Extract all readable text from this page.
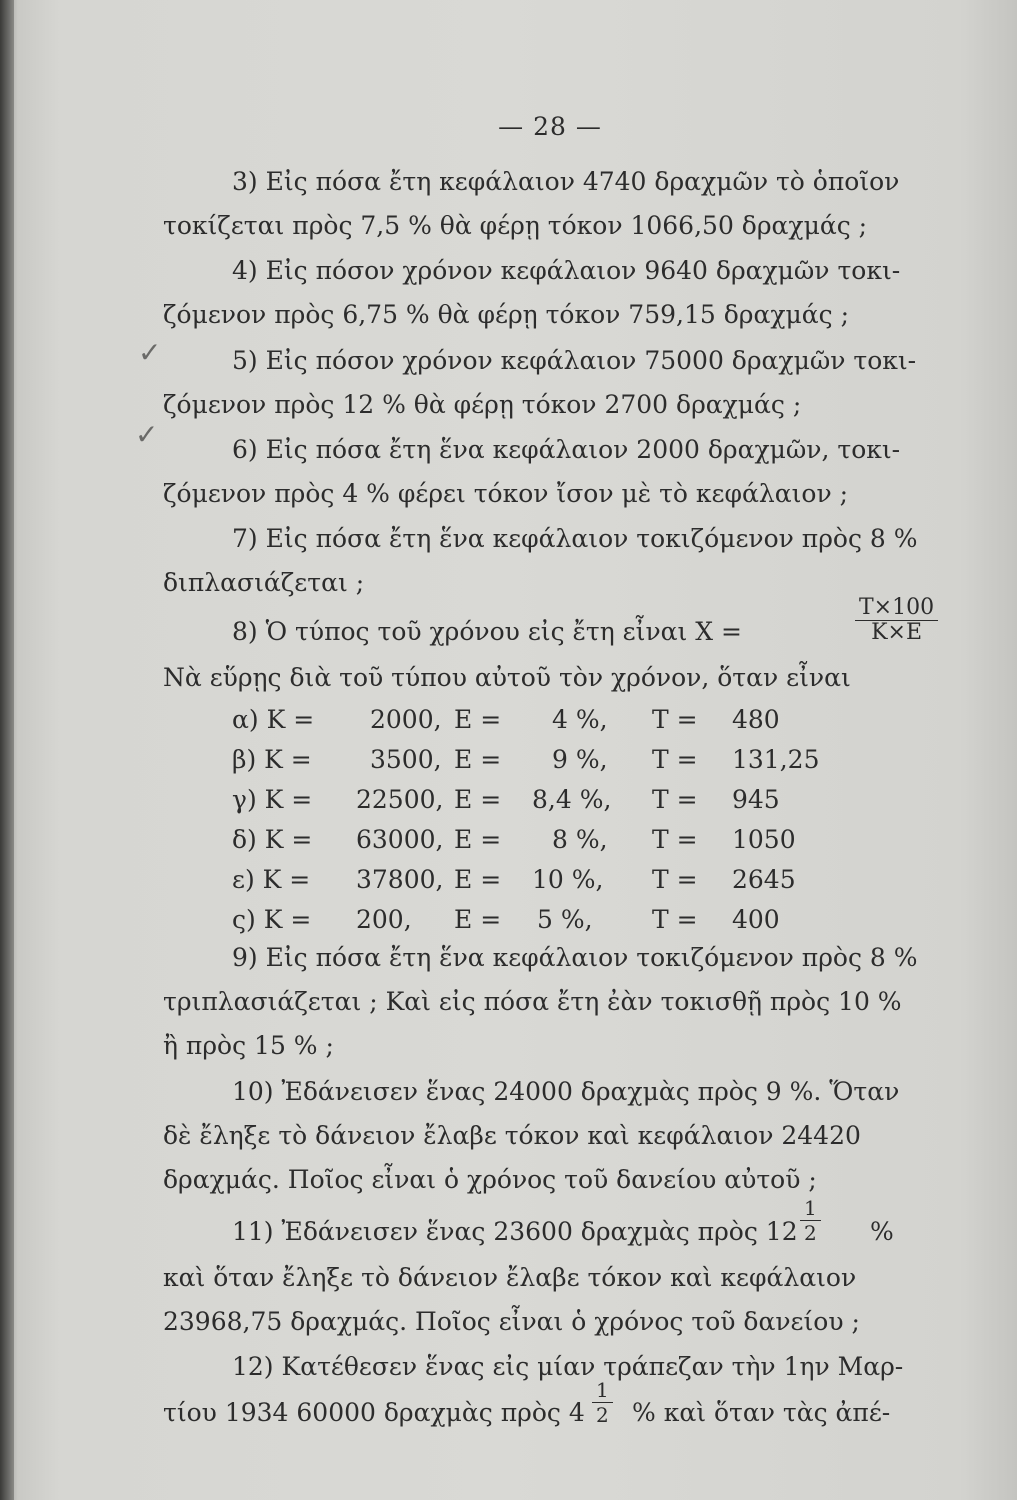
— 28 —
✓
✓
3) Εἰς πόσα ἔτη κεφάλαιον 4740 δραχμῶν τὸ ὁποῖον
τοκίζεται πρὸς 7,5 % θὰ φέρῃ τόκον 1066,50 δραχμάς ;
4) Εἰς πόσον χρόνον κεφάλαιον 9640 δραχμῶν τοκι-
ζόμενον πρὸς 6,75 % θὰ φέρῃ τόκον 759,15 δραχμάς ;
5) Εἰς πόσον χρόνον κεφάλαιον 75000 δραχμῶν τοκι-
ζόμενον πρὸς 12 % θὰ φέρῃ τόκον 2700 δραχμάς ;
6) Εἰς πόσα ἔτη ἕνα κεφάλαιον 2000 δραχμῶν, τοκι-
ζόμενον πρὸς 4 % φέρει τόκον ἴσον μὲ τὸ κεφάλαιον ;
7) Εἰς πόσα ἔτη ἕνα κεφάλαιον τοκιζόμενον πρὸς 8 %
διπλασιάζεται ;
8) Ὁ τύπος τοῦ χρόνου εἰς ἔτη εἶναι Χ =	$\frac{T\times 100}{K\times E}$
Νὰ εὕρῃς διὰ τοῦ τύπου αὐτοῦ τὸν χρόνον, ὅταν εἶναι
α) Κ = 2000, Ε = 4 %, Τ = 480
β) Κ = 3500, Ε = 9 %, Τ = 131,25
γ) Κ = 22500, Ε = 8,4 %, Τ = 945
δ) Κ = 63000, Ε = 8 %, Τ = 1050
ε) Κ = 37800, Ε = 10 %, Τ = 2645
ς) Κ = 200, Ε = 5 %, Τ = 400
9) Εἰς πόσα ἔτη ἕνα κεφάλαιον τοκιζόμενον πρὸς 8 %
τριπλασιάζεται ; Καὶ εἰς πόσα ἔτη ἐὰν τοκισθῇ πρὸς 10 %
ἢ πρὸς 15 % ;
10) Ἐδάνεισεν ἕνας 24000 δραχμὰς πρὸς 9 %. Ὅταν
δὲ ἔληξε τὸ δάνειον ἔλαβε τόκον καὶ κεφάλαιον 24420
δραχμάς. Ποῖος εἶναι ὁ χρόνος τοῦ δανείου αὐτοῦ ;
11) Ἐδάνεισεν ἕνας 23600 δραχμὰς πρὸς $12 \frac{1}{2}$ %
καὶ ὅταν ἔληξε τὸ δάνειον ἔλαβε τόκον καὶ κεφάλαιον
23968,75 δραχμάς. Ποῖος εἶναι ὁ χρόνος τοῦ δανείου ;
12) Κατέθεσεν ἕνας εἰς μίαν τράπεζαν τὴν 1ην Μαρ-
τίου 1934 60000 δραχμὰς πρὸς $4 \frac{1}{2}$ % καὶ ὅταν τὰς ἀπέ-
